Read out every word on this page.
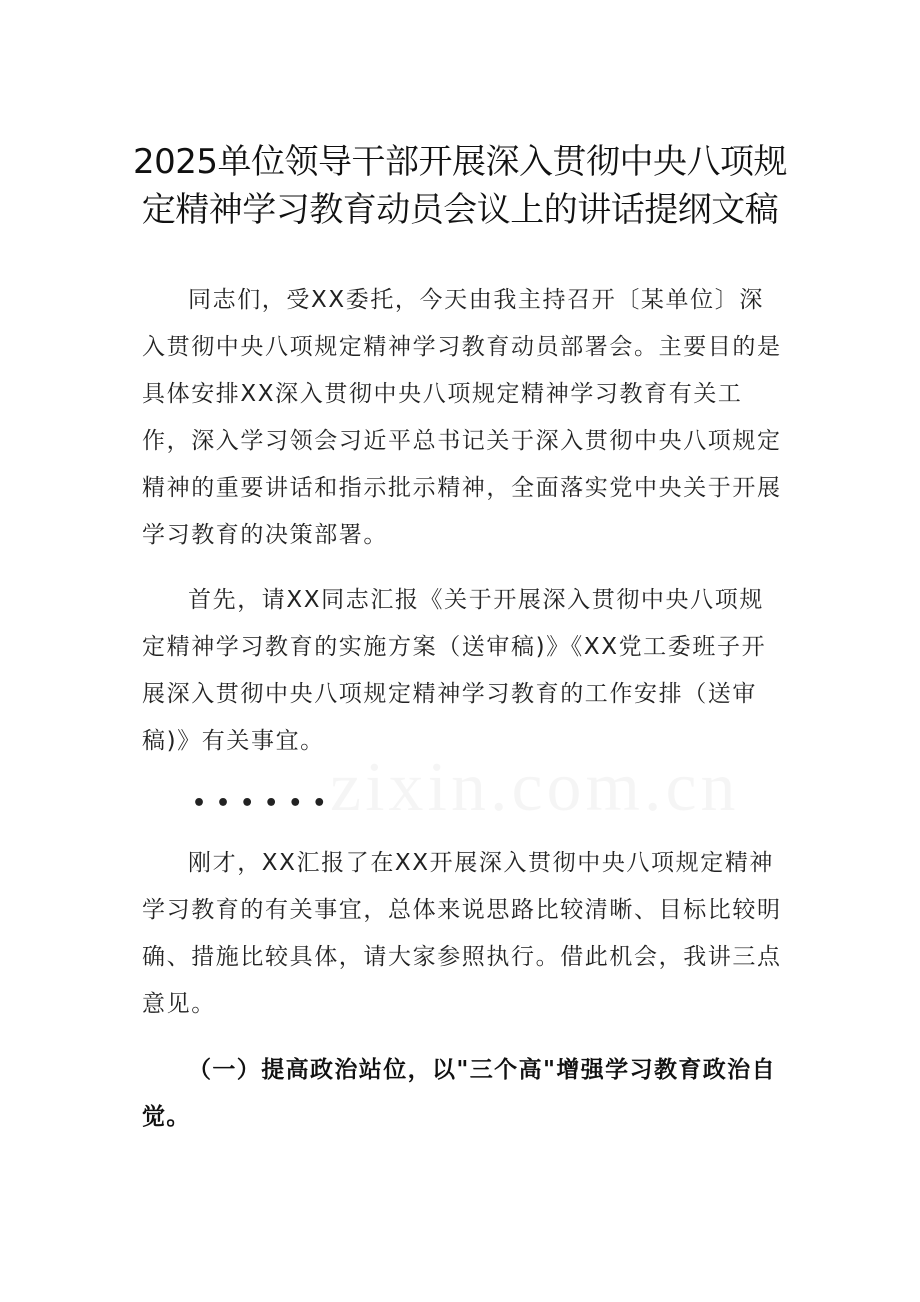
2025单位领导干部开展深入贯彻中央八项规
定精神学习教育动员会议上的讲话提纲文稿

同志们，受XX委托，今天由我主持召开〔某单位〕深入贯彻中央八项规定精神学习教育动员部署会。主要目的是具体安排XX深入贯彻中央八项规定精神学习教育有关工作，深入学习领会习近平总书记关于深入贯彻中央八项规定精神的重要讲话和指示批示精神，全面落实党中央关于开展学习教育的决策部署。

首先，请XX同志汇报《关于开展深入贯彻中央八项规定精神学习教育的实施方案（送审稿)》《XX党工委班子开展深入贯彻中央八项规定精神学习教育的工作安排（送审稿)》有关事宜。

••••••

刚才，XX汇报了在XX开展深入贯彻中央八项规定精神学习教育的有关事宜，总体来说思路比较清晰、目标比较明确、措施比较具体，请大家参照执行。借此机会，我讲三点意见。

（一）提高政治站位，以"三个高"增强学习教育政治自觉。
